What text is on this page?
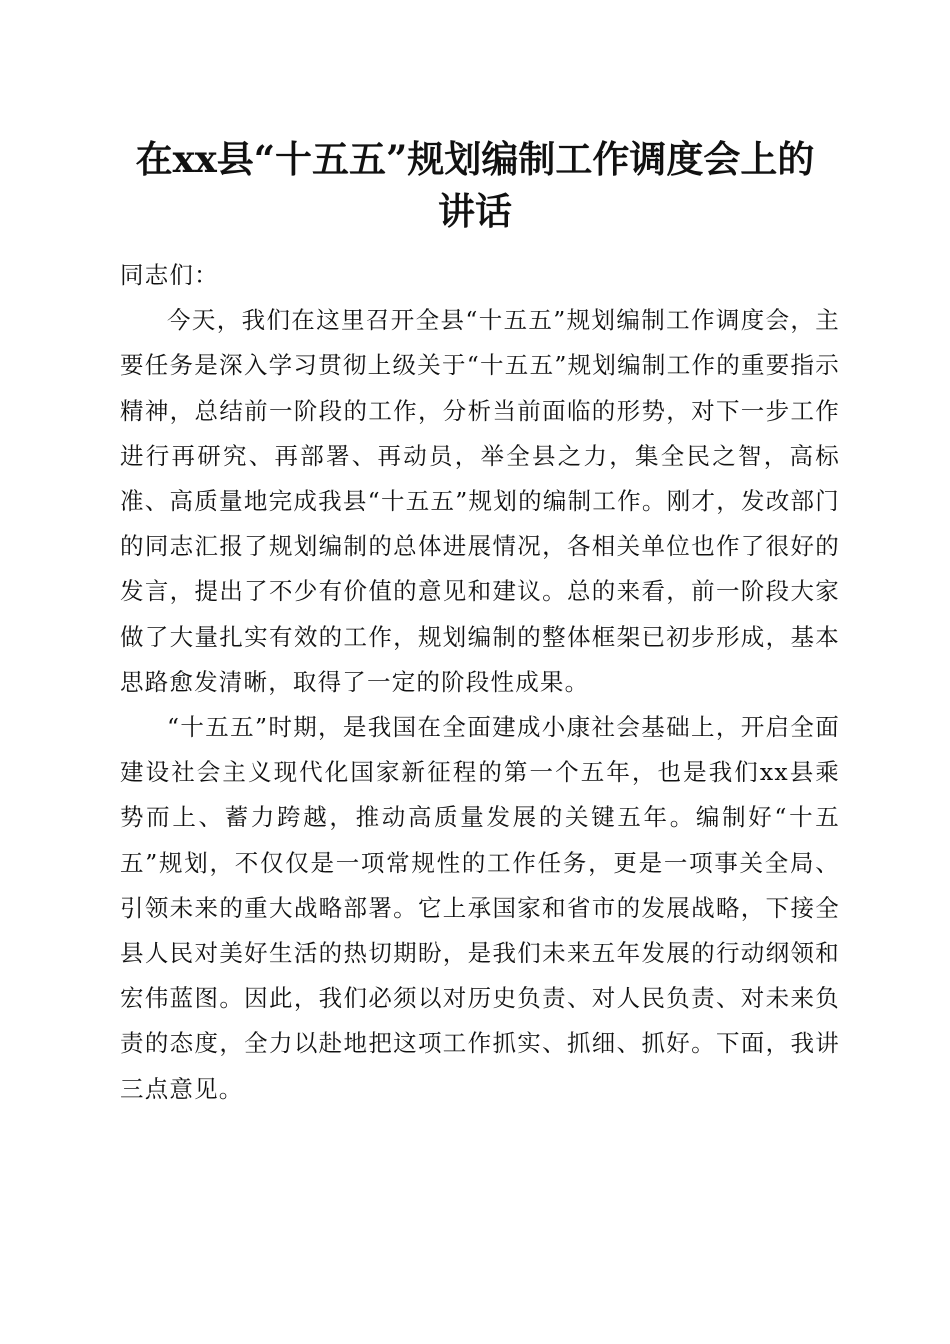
在xx县“十五五”规划编制工作调度会上的
讲话

同志们：

今天，我们在这里召开全县“十五五”规划编制工作调度会，主要任务是深入学习贯彻上级关于“十五五”规划编制工作的重要指示精神，总结前一阶段的工作，分析当前面临的形势，对下一步工作进行再研究、再部署、再动员，举全县之力，集全民之智，高标准、高质量地完成我县“十五五”规划的编制工作。刚才，发改部门的同志汇报了规划编制的总体进展情况，各相关单位也作了很好的发言，提出了不少有价值的意见和建议。总的来看，前一阶段大家做了大量扎实有效的工作，规划编制的整体框架已初步形成，基本思路愈发清晰，取得了一定的阶段性成果。

“十五五”时期，是我国在全面建成小康社会基础上，开启全面建设社会主义现代化国家新征程的第一个五年，也是我们xx县乘势而上、蓄力跨越，推动高质量发展的关键五年。编制好“十五五”规划，不仅仅是一项常规性的工作任务，更是一项事关全局、引领未来的重大战略部署。它上承国家和省市的发展战略，下接全县人民对美好生活的热切期盼，是我们未来五年发展的行动纲领和宏伟蓝图。因此，我们必须以对历史负责、对人民负责、对未来负责的态度，全力以赴地把这项工作抓实、抓细、抓好。下面，我讲三点意见。
